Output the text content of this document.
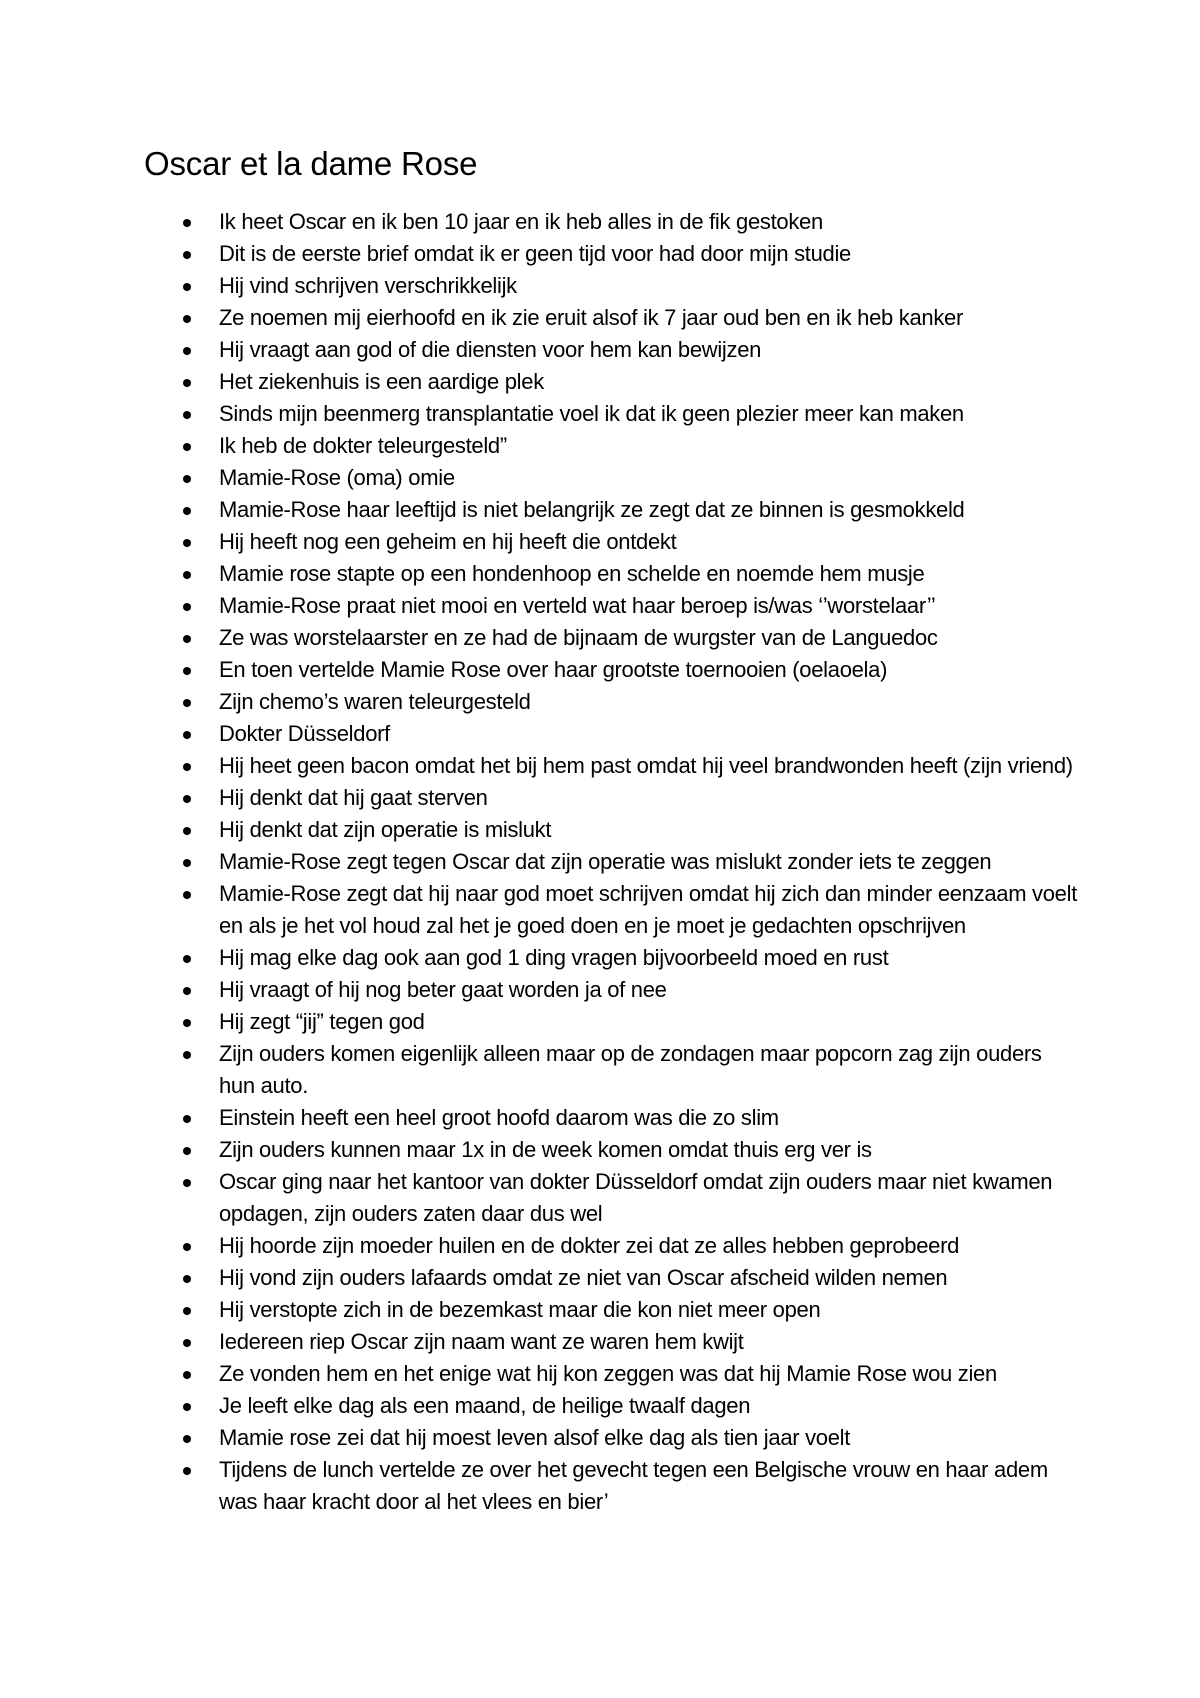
Oscar et la dame Rose
Ik heet Oscar en ik ben 10 jaar en ik heb alles in de fik gestoken
Dit is de eerste brief omdat ik er geen tijd voor had door mijn studie
Hij vind schrijven verschrikkelijk
Ze noemen mij eierhoofd en ik zie eruit alsof ik 7 jaar oud ben en ik heb kanker
Hij vraagt aan god of die diensten voor hem kan bewijzen
Het ziekenhuis is een aardige plek
Sinds mijn beenmerg transplantatie voel ik dat ik geen plezier meer kan maken
Ik heb de dokter teleurgesteld”
Mamie-Rose (oma) omie
Mamie-Rose haar leeftijd is niet belangrijk ze zegt dat ze binnen is gesmokkeld
Hij heeft nog een geheim en hij heeft die ontdekt
Mamie rose stapte op een hondenhoop en schelde en noemde hem musje
Mamie-Rose praat niet mooi en verteld wat haar beroep is/was ‘’worstelaar’’
Ze was worstelaarster en ze had de bijnaam de wurgster van de Languedoc
En toen vertelde Mamie Rose over haar grootste toernooien (oelaoela)
Zijn chemo’s waren teleurgesteld
Dokter Düsseldorf
Hij heet geen bacon omdat het bij hem past omdat hij veel brandwonden heeft (zijn vriend)
Hij denkt dat hij gaat sterven
Hij denkt dat zijn operatie is mislukt
Mamie-Rose zegt tegen Oscar dat zijn operatie was mislukt zonder iets te zeggen
Mamie-Rose zegt dat hij naar god moet schrijven omdat hij zich dan minder eenzaam voelt en als je het vol houd zal het je goed doen en je moet je gedachten opschrijven
Hij mag elke dag ook aan god 1 ding vragen bijvoorbeeld moed en rust
Hij vraagt of hij nog beter gaat worden ja of nee
Hij zegt “jij” tegen god
Zijn ouders komen eigenlijk alleen maar op de zondagen maar popcorn zag zijn ouders hun auto.
Einstein heeft een heel groot hoofd daarom was die zo slim
Zijn ouders kunnen maar 1x in de week komen omdat thuis erg ver is
Oscar ging naar het kantoor van dokter Düsseldorf omdat zijn ouders maar niet kwamen opdagen, zijn ouders zaten daar dus wel
Hij hoorde zijn moeder huilen en de dokter zei dat ze alles hebben geprobeerd
Hij vond zijn ouders lafaards omdat ze niet van Oscar afscheid wilden nemen
Hij verstopte zich in de bezemkast maar die kon niet meer open
Iedereen riep Oscar zijn naam want ze waren hem kwijt
Ze vonden hem en het enige wat hij kon zeggen was dat hij Mamie Rose wou zien
Je leeft elke dag als een maand, de heilige twaalf dagen
Mamie rose zei dat hij moest leven alsof elke dag als tien jaar voelt
Tijdens de lunch vertelde ze over het gevecht tegen een Belgische vrouw en haar adem was haar kracht door al het vlees en bier’
